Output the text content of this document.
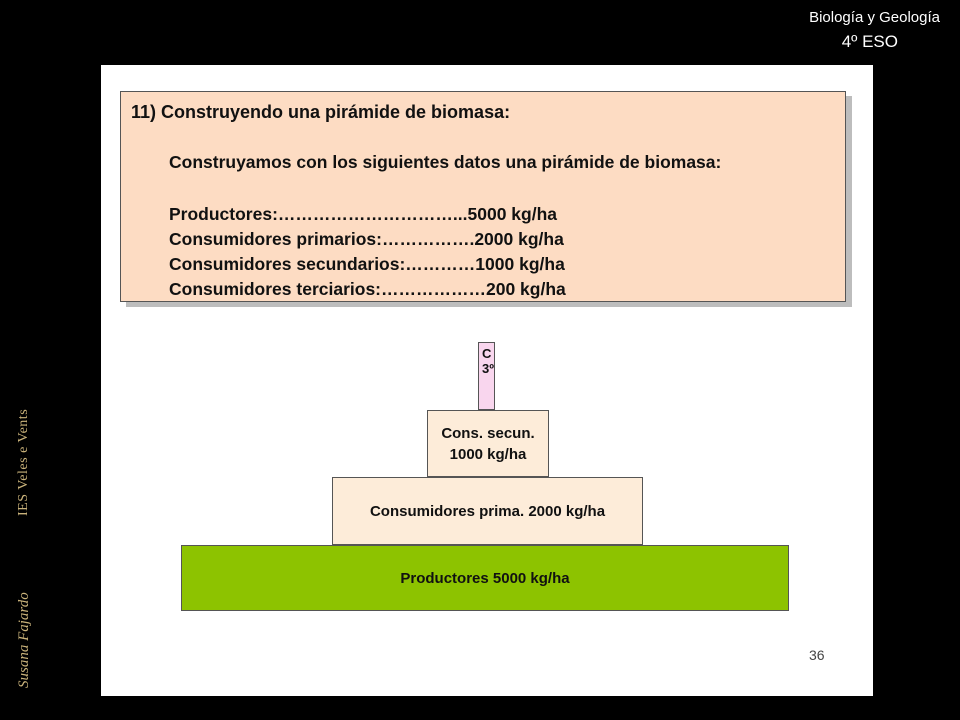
Biología y Geología
4º ESO
IES Veles e Vents
Susana Fajardo
11) Construyendo una pirámide de biomasa:
Construyamos con los siguientes datos una pirámide de biomasa:
Productores:…………………………...5000 kg/ha
Consumidores primarios:…………….2000 kg/ha
Consumidores secundarios:…………1000 kg/ha
Consumidores terciarios:………………200 kg/ha
C
3º
Cons. secun.
1000 kg/ha
Consumidores prima. 2000 kg/ha
Productores 5000 kg/ha
36
